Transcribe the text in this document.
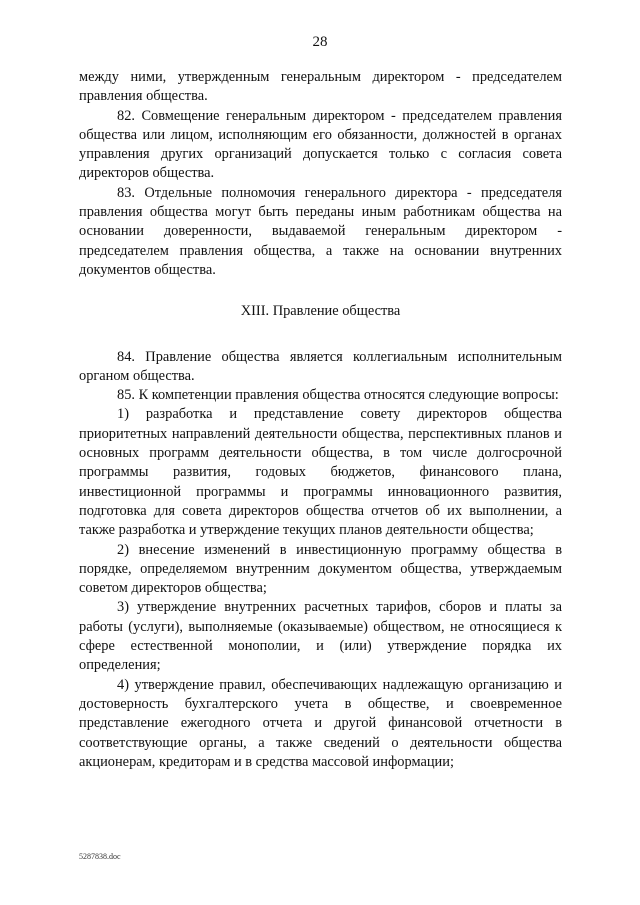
28

между ними, утвержденным генеральным директором - председателем правления общества.

82. Совмещение генеральным директором - председателем правления общества или лицом, исполняющим его обязанности, должностей в органах управления других организаций допускается только с согласия совета директоров общества.

83. Отдельные полномочия генерального директора - председателя правления общества могут быть переданы иным работникам общества на основании доверенности, выдаваемой генеральным директором - председателем правления общества, а также на основании внутренних документов общества.

XIII. Правление общества

84. Правление общества является коллегиальным исполнительным органом общества.

85. К компетенции правления общества относятся следующие вопросы:

1) разработка и представление совету директоров общества приоритетных направлений деятельности общества, перспективных планов и основных программ деятельности общества, в том числе долгосрочной программы развития, годовых бюджетов, финансового плана, инвестиционной программы и программы инновационного развития, подготовка для совета директоров общества отчетов об их выполнении, а также разработка и утверждение текущих планов деятельности общества;

2) внесение изменений в инвестиционную программу общества в порядке, определяемом внутренним документом общества, утверждаемым советом директоров общества;

3) утверждение внутренних расчетных тарифов, сборов и платы за работы (услуги), выполняемые (оказываемые) обществом, не относящиеся к сфере естественной монополии, и (или) утверждение порядка их определения;

4) утверждение правил, обеспечивающих надлежащую организацию и достоверность бухгалтерского учета в обществе, и своевременное представление ежегодного отчета и другой финансовой отчетности в соответствующие органы, а также сведений о деятельности общества акционерам, кредиторам и в средства массовой информации;

5287838.doc
